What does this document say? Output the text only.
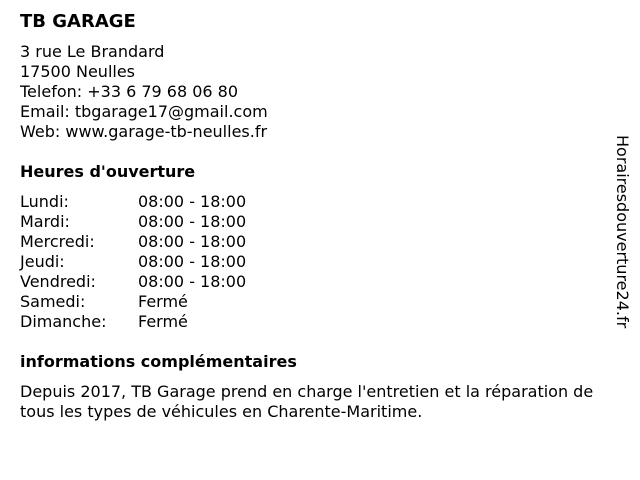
TB GARAGE
3 rue Le Brandard
17500 Neulles
Telefon: +33 6 79 68 06 80
Email: tbgarage17@gmail.com
Web: www.garage-tb-neulles.fr
Heures d'ouverture
Lundi:	08:00 - 18:00
Mardi:	08:00 - 18:00
Mercredi:	08:00 - 18:00
Jeudi:	08:00 - 18:00
Vendredi:	08:00 - 18:00
Samedi:	Fermé
Dimanche:	Fermé
informations complémentaires
Depuis 2017, TB Garage prend en charge l'entretien et la réparation de tous les types de véhicules en Charente-Maritime.
Horairesdouverture24.fr
